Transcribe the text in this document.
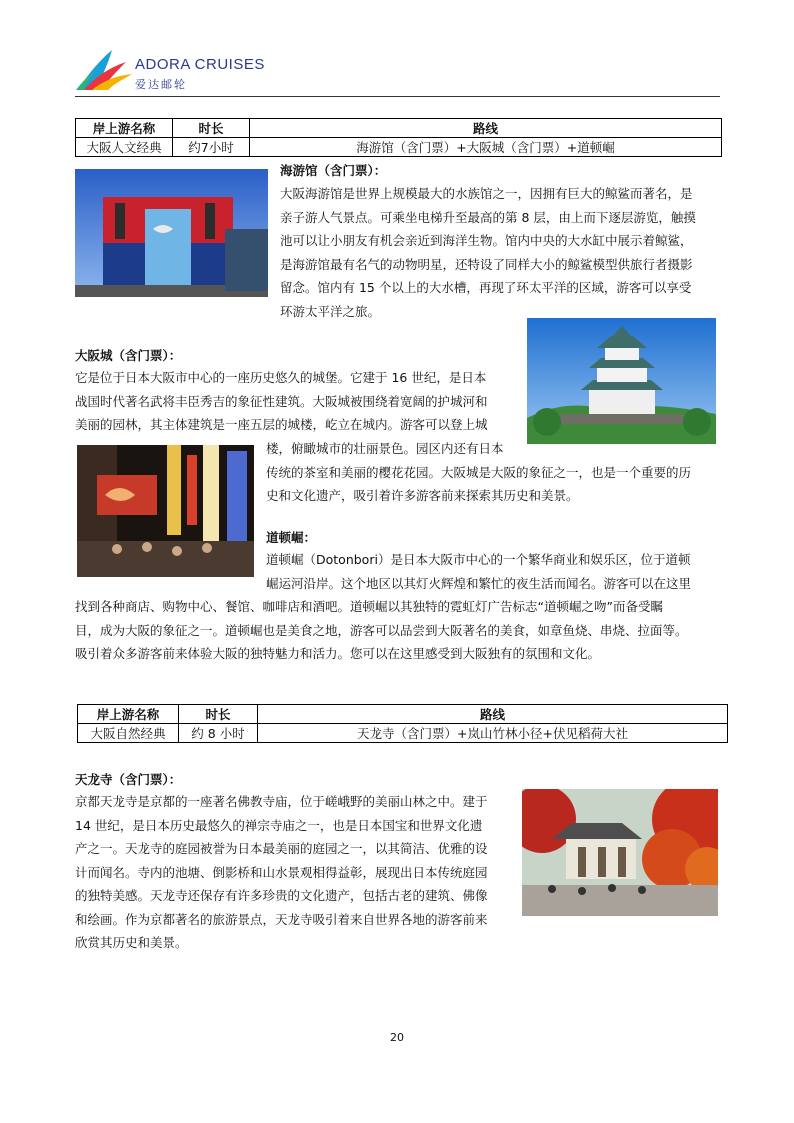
ADORA CRUISES
爱达邮轮
岸上游名称	时长	路线
大阪人文经典	约7小时	海游馆（含门票）+大阪城（含门票）+道顿崛
海游馆（含门票）：

大阪海游馆是世界上规模最大的水族馆之一，因拥有巨大的鲸鲨而著名，是

亲子游人气景点。可乘坐电梯升至最高的第 8 层，由上而下逐层游览，触摸

池可以让小朋友有机会亲近到海洋生物。馆内中央的大水缸中展示着鲸鲨，

是海游馆最有名气的动物明星，还特设了同样大小的鲸鲨模型供旅行者摄影

留念。馆内有 15 个以上的大水槽，再现了环太平洋的区域，游客可以享受

环游太平洋之旅。

大阪城（含门票）：

它是位于日本大阪市中心的一座历史悠久的城堡。它建于 16 世纪，是日本

战国时代著名武将丰臣秀吉的象征性建筑。大阪城被围绕着宽阔的护城河和

美丽的园林，其主体建筑是一座五层的城楼，屹立在城内。游客可以登上城

楼，俯瞰城市的壮丽景色。园区内还有日本

传统的茶室和美丽的樱花花园。大阪城是大阪的象征之一，也是一个重要的历

史和文化遗产，吸引着许多游客前来探索其历史和美景。

道顿崛：

道顿崛（Dotonbori）是日本大阪市中心的一个繁华商业和娱乐区，位于道顿

崛运河沿岸。这个地区以其灯火辉煌和繁忙的夜生活而闻名。游客可以在这里

找到各种商店、购物中心、餐馆、咖啡店和酒吧。道顿崛以其独特的霓虹灯广告标志“道顿崛之吻”而备受瞩

目，成为大阪的象征之一。道顿崛也是美食之地，游客可以品尝到大阪著名的美食，如章鱼烧、串烧、拉面等。

吸引着众多游客前来体验大阪的独特魅力和活力。您可以在这里感受到大阪独有的氛围和文化。

岸上游名称	时长	路线
大阪自然经典	约 8 小时	天龙寺（含门票）+岚山竹林小径+伏见稻荷大社
天龙寺（含门票）：

京都天龙寺是京都的一座著名佛教寺庙，位于嵯峨野的美丽山林之中。建于

14 世纪，是日本历史最悠久的禅宗寺庙之一，也是日本国宝和世界文化遗

产之一。天龙寺的庭园被誉为日本最美丽的庭园之一，以其简洁、优雅的设

计而闻名。寺内的池塘、倒影桥和山水景观相得益彰，展现出日本传统庭园

的独特美感。天龙寺还保存有许多珍贵的文化遗产，包括古老的建筑、佛像

和绘画。作为京都著名的旅游景点，天龙寺吸引着来自世界各地的游客前来

欣赏其历史和美景。

20
